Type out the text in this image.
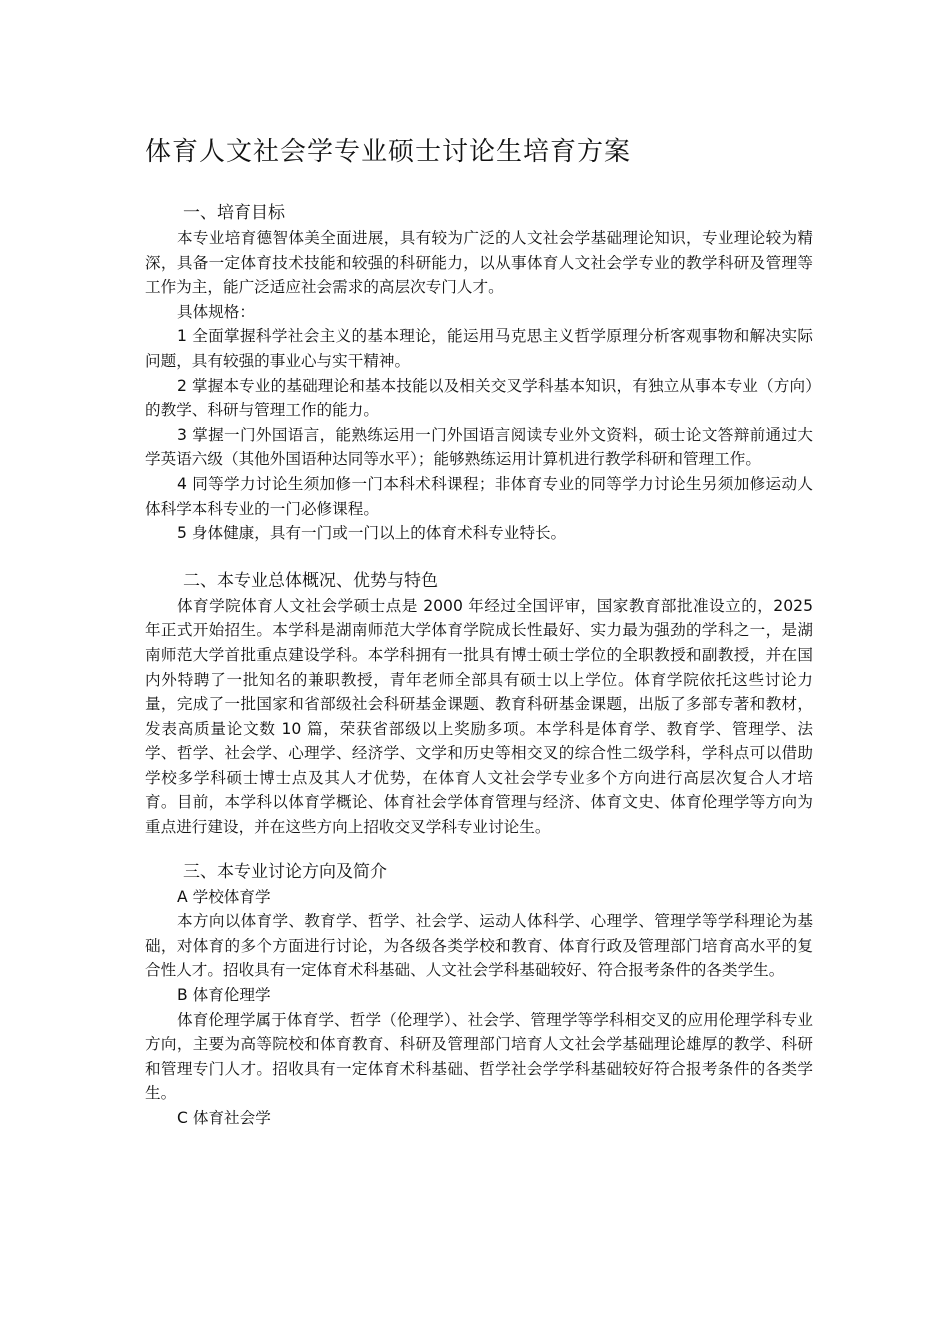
体育人文社会学专业硕士讨论生培育方案

一、培育目标

本专业培育德智体美全面进展，具有较为广泛的人文社会学基础理论知识，专业理论较为精深，具备一定体育技术技能和较强的科研能力，以从事体育人文社会学专业的教学科研及管理等工作为主，能广泛适应社会需求的高层次专门人才。

具体规格：

1 全面掌握科学社会主义的基本理论，能运用马克思主义哲学原理分析客观事物和解决实际问题，具有较强的事业心与实干精神。

2 掌握本专业的基础理论和基本技能以及相关交叉学科基本知识，有独立从事本专业（方向）的教学、科研与管理工作的能力。

3 掌握一门外国语言，能熟练运用一门外国语言阅读专业外文资料，硕士论文答辩前通过大学英语六级（其他外国语种达同等水平）；能够熟练运用计算机进行教学科研和管理工作。

4 同等学力讨论生须加修一门本科术科课程；非体育专业的同等学力讨论生另须加修运动人体科学本科专业的一门必修课程。

5 身体健康，具有一门或一门以上的体育术科专业特长。

二、本专业总体概况、优势与特色

体育学院体育人文社会学硕士点是 2000 年经过全国评审，国家教育部批准设立的，2025 年正式开始招生。本学科是湖南师范大学体育学院成长性最好、实力最为强劲的学科之一，是湖南师范大学首批重点建设学科。本学科拥有一批具有博士硕士学位的全职教授和副教授，并在国内外特聘了一批知名的兼职教授，青年老师全部具有硕士以上学位。体育学院依托这些讨论力量，完成了一批国家和省部级社会科研基金课题、教育科研基金课题，出版了多部专著和教材，发表高质量论文数 10 篇，荣获省部级以上奖励多项。本学科是体育学、教育学、管理学、法学、哲学、社会学、心理学、经济学、文学和历史等相交叉的综合性二级学科，学科点可以借助学校多学科硕士博士点及其人才优势，在体育人文社会学专业多个方向进行高层次复合人才培育。目前，本学科以体育学概论、体育社会学体育管理与经济、体育文史、体育伦理学等方向为重点进行建设，并在这些方向上招收交叉学科专业讨论生。

三、本专业讨论方向及简介

A 学校体育学

本方向以体育学、教育学、哲学、社会学、运动人体科学、心理学、管理学等学科理论为基础，对体育的多个方面进行讨论，为各级各类学校和教育、体育行政及管理部门培育高水平的复合性人才。招收具有一定体育术科基础、人文社会学科基础较好、符合报考条件的各类学生。

B 体育伦理学

体育伦理学属于体育学、哲学（伦理学）、社会学、管理学等学科相交叉的应用伦理学科专业方向，主要为高等院校和体育教育、科研及管理部门培育人文社会学基础理论雄厚的教学、科研和管理专门人才。招收具有一定体育术科基础、哲学社会学学科基础较好符合报考条件的各类学生。

C 体育社会学
